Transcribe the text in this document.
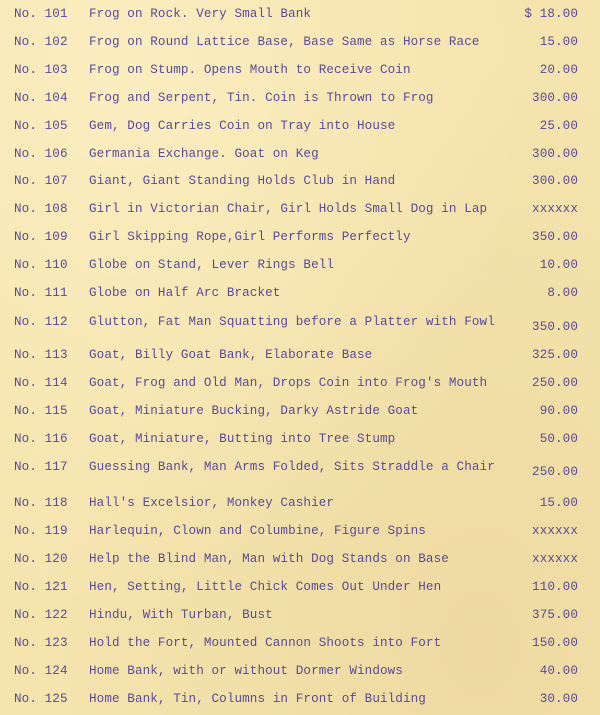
No. 101 Frog on Rock. Very Small Bank	$ 18.00
No. 102 Frog on Round Lattice Base, Base Same as Horse Race	15.00
No. 103 Frog on Stump. Opens Mouth to Receive Coin	20.00
No. 104 Frog and Serpent, Tin. Coin is Thrown to Frog	300.00
No. 105 Gem, Dog Carries Coin on Tray into House	25.00
No. 106 Germania Exchange. Goat on Keg	300.00
No. 107 Giant, Giant Standing Holds Club in Hand	300.00
No. 108 Girl in Victorian Chair, Girl Holds Small Dog in Lap	xxxxxx
No. 109 Girl Skipping Rope,Girl Performs Perfectly	350.00
No. 110 Globe on Stand, Lever Rings Bell	10.00
No. 111 Globe on Half Arc Bracket	8.00
No. 112 Glutton, Fat Man Squatting before a Platter with Fowl	350.00
No. 113 Goat, Billy Goat Bank, Elaborate Base	325.00
No. 114 Goat, Frog and Old Man, Drops Coin into Frog's Mouth	250.00
No. 115 Goat, Miniature Bucking, Darky Astride Goat	90.00
No. 116 Goat, Miniature, Butting into Tree Stump	50.00
No. 117 Guessing Bank, Man Arms Folded, Sits Straddle a Chair	250.00
No. 118 Hall's Excelsior, Monkey Cashier	15.00
No. 119 Harlequin, Clown and Columbine, Figure Spins	xxxxxx
No. 120 Help the Blind Man, Man with Dog Stands on Base	xxxxxx
No. 121 Hen, Setting, Little Chick Comes Out Under Hen	110.00
No. 122 Hindu, With Turban, Bust	375.00
No. 123 Hold the Fort, Mounted Cannon Shoots into Fort	150.00
No. 124 Home Bank, with or without Dormer Windows	40.00
No. 125 Home Bank, Tin, Columns in Front of Building	30.00
